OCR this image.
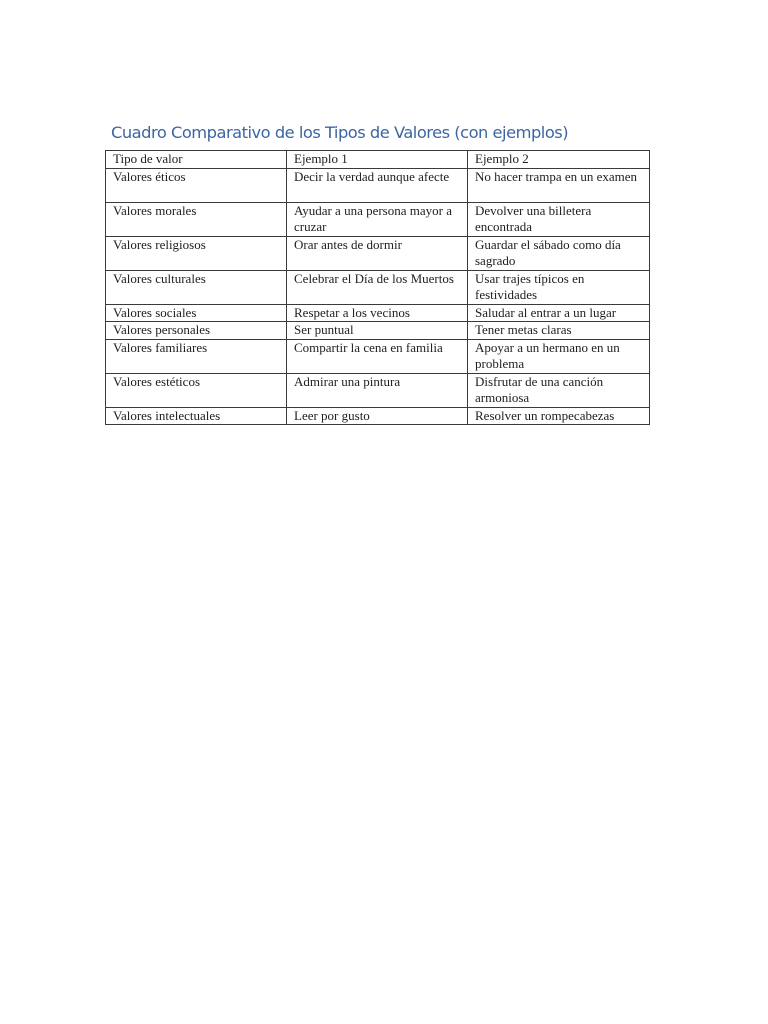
Cuadro Comparativo de los Tipos de Valores (con ejemplos)
Tipo de valor	Ejemplo 1	Ejemplo 2
Valores éticos	Decir la verdad aunque afecte	No hacer trampa en un examen
Valores morales	Ayudar a una persona mayor a cruzar	Devolver una billetera encontrada
Valores religiosos	Orar antes de dormir	Guardar el sábado como día sagrado
Valores culturales	Celebrar el Día de los Muertos	Usar trajes típicos en festividades
Valores sociales	Respetar a los vecinos	Saludar al entrar a un lugar
Valores personales	Ser puntual	Tener metas claras
Valores familiares	Compartir la cena en familia	Apoyar a un hermano en un problema
Valores estéticos	Admirar una pintura	Disfrutar de una canción armoniosa
Valores intelectuales	Leer por gusto	Resolver un rompecabezas
